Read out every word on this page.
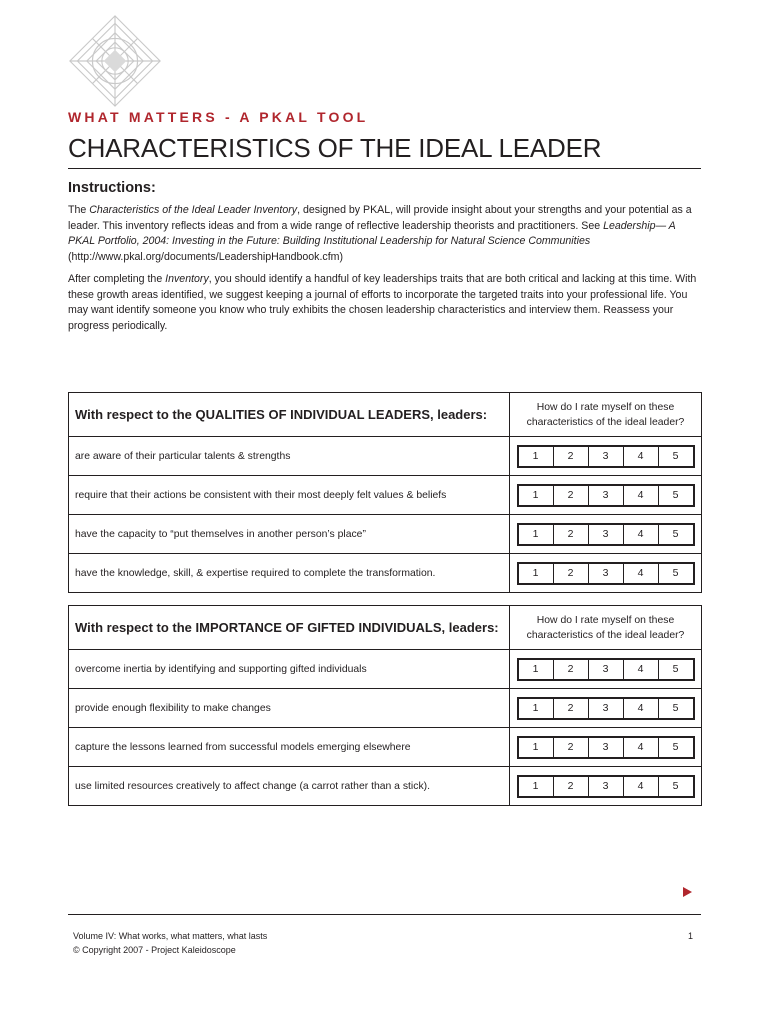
WHAT MATTERS - A PKAL TOOL
CHARACTERISTICS OF THE IDEAL LEADER
Instructions:

The Characteristics of the Ideal Leader Inventory, designed by PKAL, will provide insight about your strengths and your potential as a leader. This inventory reflects ideas and from a wide range of reflective leadership theorists and practitioners. See Leadership— A PKAL Portfolio, 2004: Investing in the Future: Building Institutional Leadership for Natural Science Communities (http://www.pkal.org/documents/LeadershipHandbook.cfm)

After completing the Inventory, you should identify a handful of key leaderships traits that are both critical and lacking at this time. With these growth areas identified, we suggest keeping a journal of efforts to incorporate the targeted traits into your professional life. You may want identify someone you know who truly exhibits the chosen leadership characteristics and interview them. Reassess your progress periodically.

With respect to the QUALITIES OF INDIVIDUAL LEADERS, leaders:	How do I rate myself on these characteristics of the ideal leader?
are aware of their particular talents & strengths	1 2 3 4 5

require that their actions be consistent with their most deeply felt values & beliefs	1 2 3 4 5

have the capacity to “put themselves in another person’s place”	1 2 3 4 5

have the knowledge, skill, & expertise required to complete the transformation.	1 2 3 4 5
With respect to the IMPORTANCE OF GIFTED INDIVIDUALS, leaders:	How do I rate myself on these characteristics of the ideal leader?
overcome inertia by identifying and supporting gifted individuals	1 2 3 4 5

provide enough flexibility to make changes	1 2 3 4 5

capture the lessons learned from successful models emerging elsewhere	1 2 3 4 5

use limited resources creatively to affect change (a carrot rather than a stick).	1 2 3 4 5
Volume IV: What works, what matters, what lasts
© Copyright 2007 - Project Kaleidoscope
1
